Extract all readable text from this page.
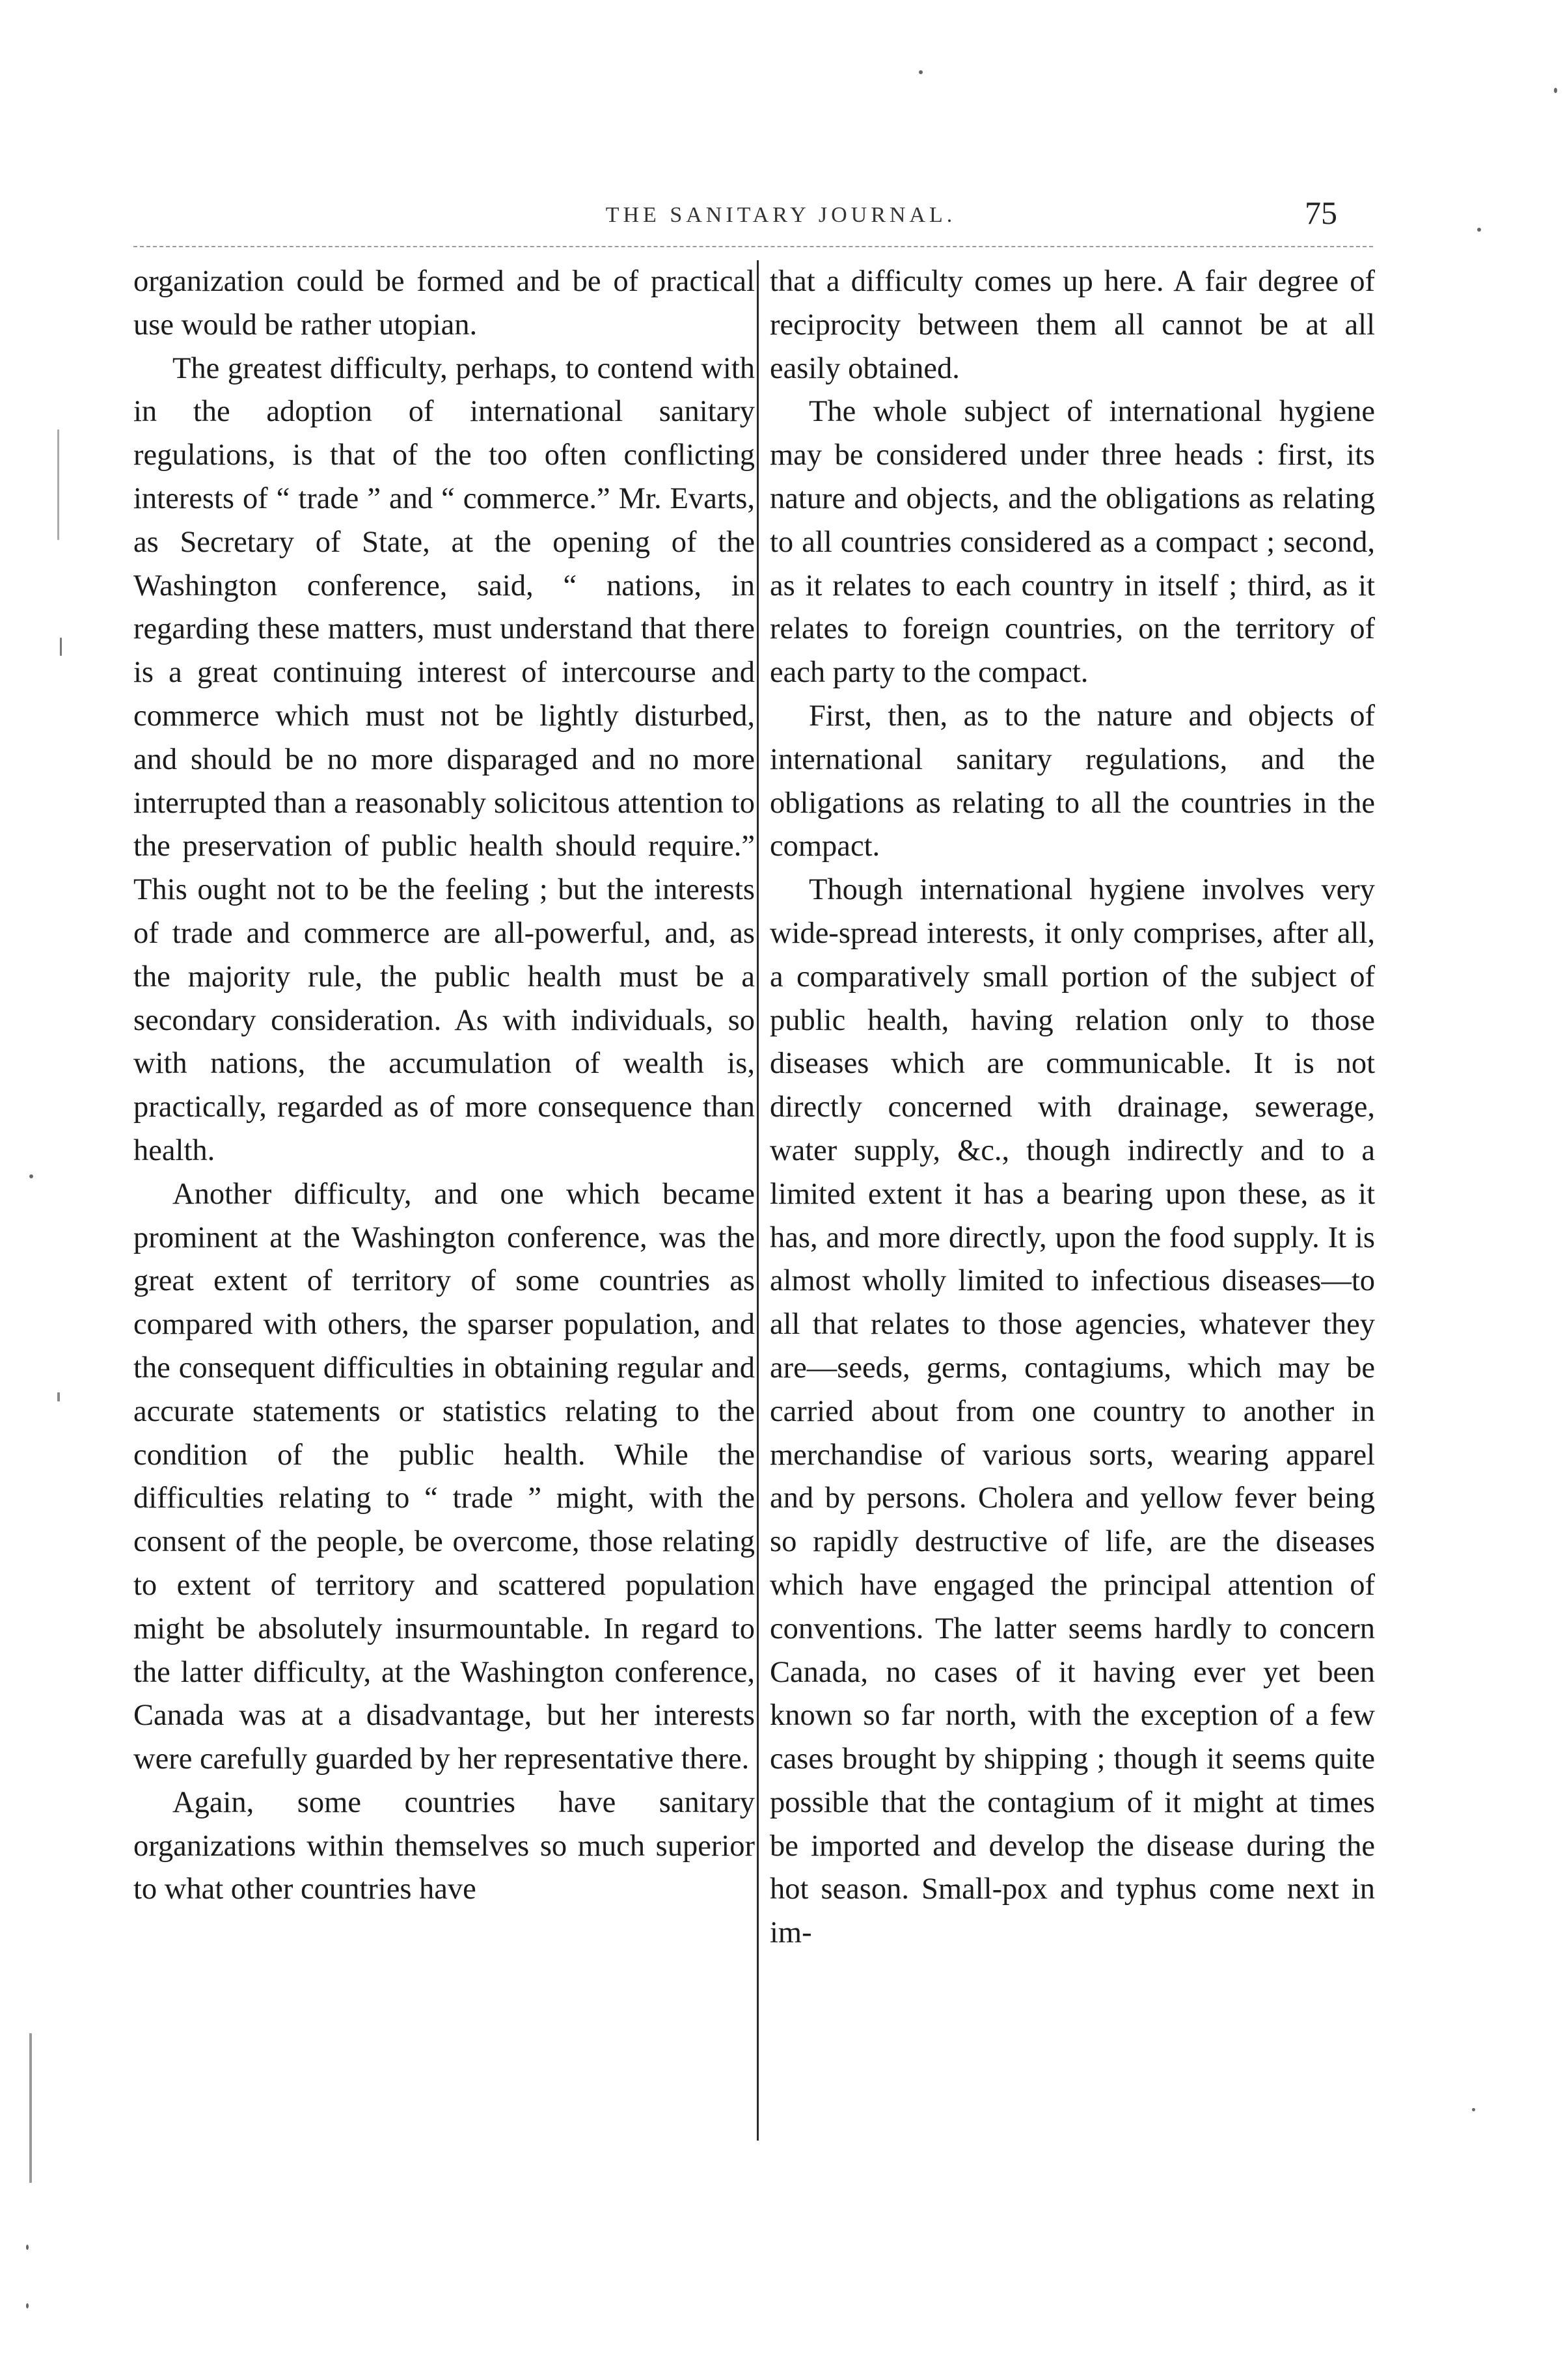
THE SANITARY JOURNAL.	75

organization could be formed and be of practical use would be rather utopian.

The greatest difficulty, perhaps, to contend with in the adoption of international sanitary regulations, is that of the too often conflicting interests of “ trade ” and “ commerce.” Mr. Evarts, as Secretary of State, at the opening of the Washington conference, said, “ nations, in regarding these matters, must understand that there is a great continuing interest of intercourse and commerce which must not be lightly disturbed, and should be no more disparaged and no more interrupted than a reasonably solicitous attention to the preservation of public health should require.” This ought not to be the feeling ; but the interests of trade and commerce are all-powerful, and, as the majority rule, the public health must be a secondary consideration. As with individuals, so with nations, the accumulation of wealth is, practically, regarded as of more consequence than health.

Another difficulty, and one which became prominent at the Washington conference, was the great extent of territory of some countries as compared with others, the sparser population, and the consequent difficulties in obtaining regular and accurate statements or statistics relating to the condition of the public health. While the difficulties relating to “ trade ” might, with the consent of the people, be overcome, those relating to extent of territory and scattered population might be absolutely insurmountable. In regard to the latter difficulty, at the Washington conference, Canada was at a disadvantage, but her interests were carefully guarded by her representative there.

Again, some countries have sanitary organizations within themselves so much superior to what other countries have

that a difficulty comes up here. A fair degree of reciprocity between them all cannot be at all easily obtained.

The whole subject of international hygiene may be considered under three heads : first, its nature and objects, and the obligations as relating to all countries considered as a compact ; second, as it relates to each country in itself ; third, as it relates to foreign countries, on the territory of each party to the compact.

First, then, as to the nature and objects of international sanitary regulations, and the obligations as relating to all the countries in the compact.

Though international hygiene involves very wide-spread interests, it only comprises, after all, a comparatively small portion of the subject of public health, having relation only to those diseases which are communicable. It is not directly concerned with drainage, sewerage, water supply, &c., though indirectly and to a limited extent it has a bearing upon these, as it has, and more directly, upon the food supply. It is almost wholly limited to infectious diseases—to all that relates to those agencies, whatever they are—seeds, germs, contagiums, which may be carried about from one country to another in merchandise of various sorts, wearing apparel and by persons. Cholera and yellow fever being so rapidly destructive of life, are the diseases which have engaged the principal attention of conventions. The latter seems hardly to concern Canada, no cases of it having ever yet been known so far north, with the exception of a few cases brought by shipping ; though it seems quite possible that the contagium of it might at times be imported and develop the disease during the hot season. Small-pox and typhus come next in im-
